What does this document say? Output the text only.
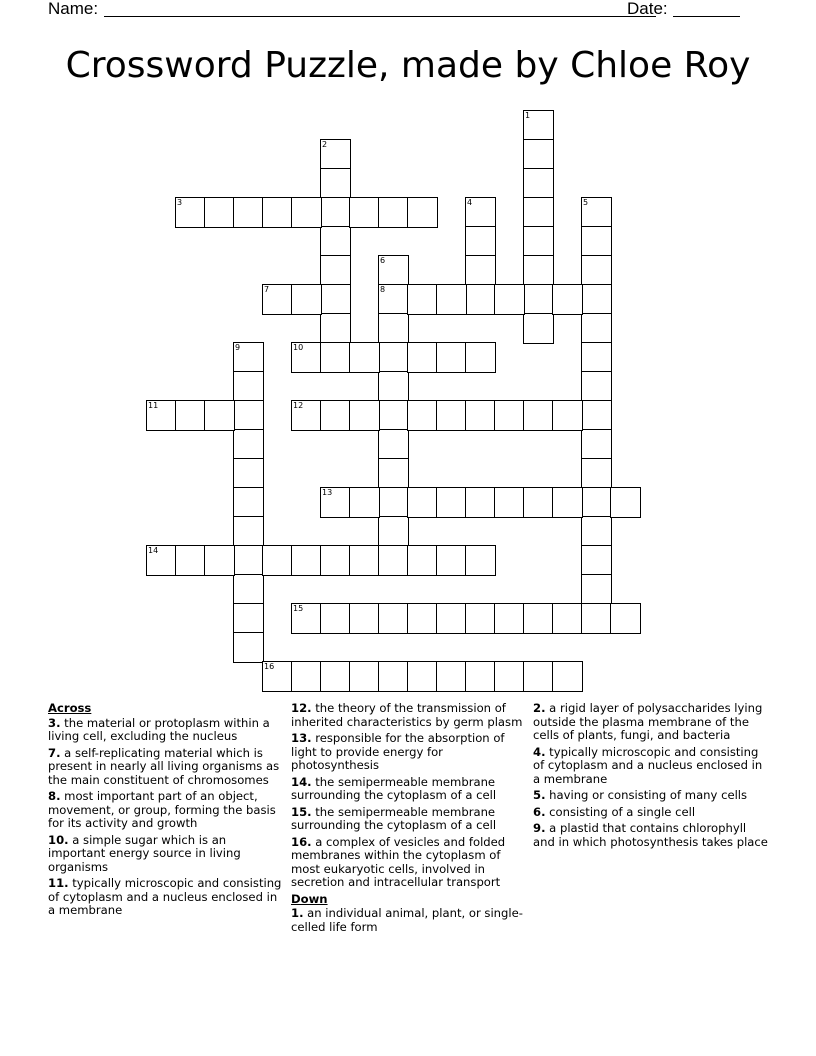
Name:	Date:
Crossword Puzzle, made by Chloe Roy
1
2
3	4	5
6
8
7
9	10
11	12
13
14
15
16
Across
3. the material or protoplasm within a living cell, excluding the nucleus
7. a self-replicating material which is present in nearly all living organisms as the main constituent of chromosomes
8. most important part of an object, movement, or group, forming the basis for its activity and growth
10. a simple sugar which is an important energy source in living organisms
11. typically microscopic and consisting of cytoplasm and a nucleus enclosed in a membrane
12. the theory of the transmission of inherited characteristics by germ plasm
13. responsible for the absorption of light to provide energy for photosynthesis
14. the semipermeable membrane surrounding the cytoplasm of a cell
15. the semipermeable membrane surrounding the cytoplasm of a cell
16. a complex of vesicles and folded membranes within the cytoplasm of most eukaryotic cells, involved in secretion and intracellular transport
Down
1. an individual animal, plant, or single-celled life form
2. a rigid layer of polysaccharides lying outside the plasma membrane of the cells of plants, fungi, and bacteria
4. typically microscopic and consisting of cytoplasm and a nucleus enclosed in a membrane
5. having or consisting of many cells
6. consisting of a single cell
9. a plastid that contains chlorophyll and in which photosynthesis takes place
